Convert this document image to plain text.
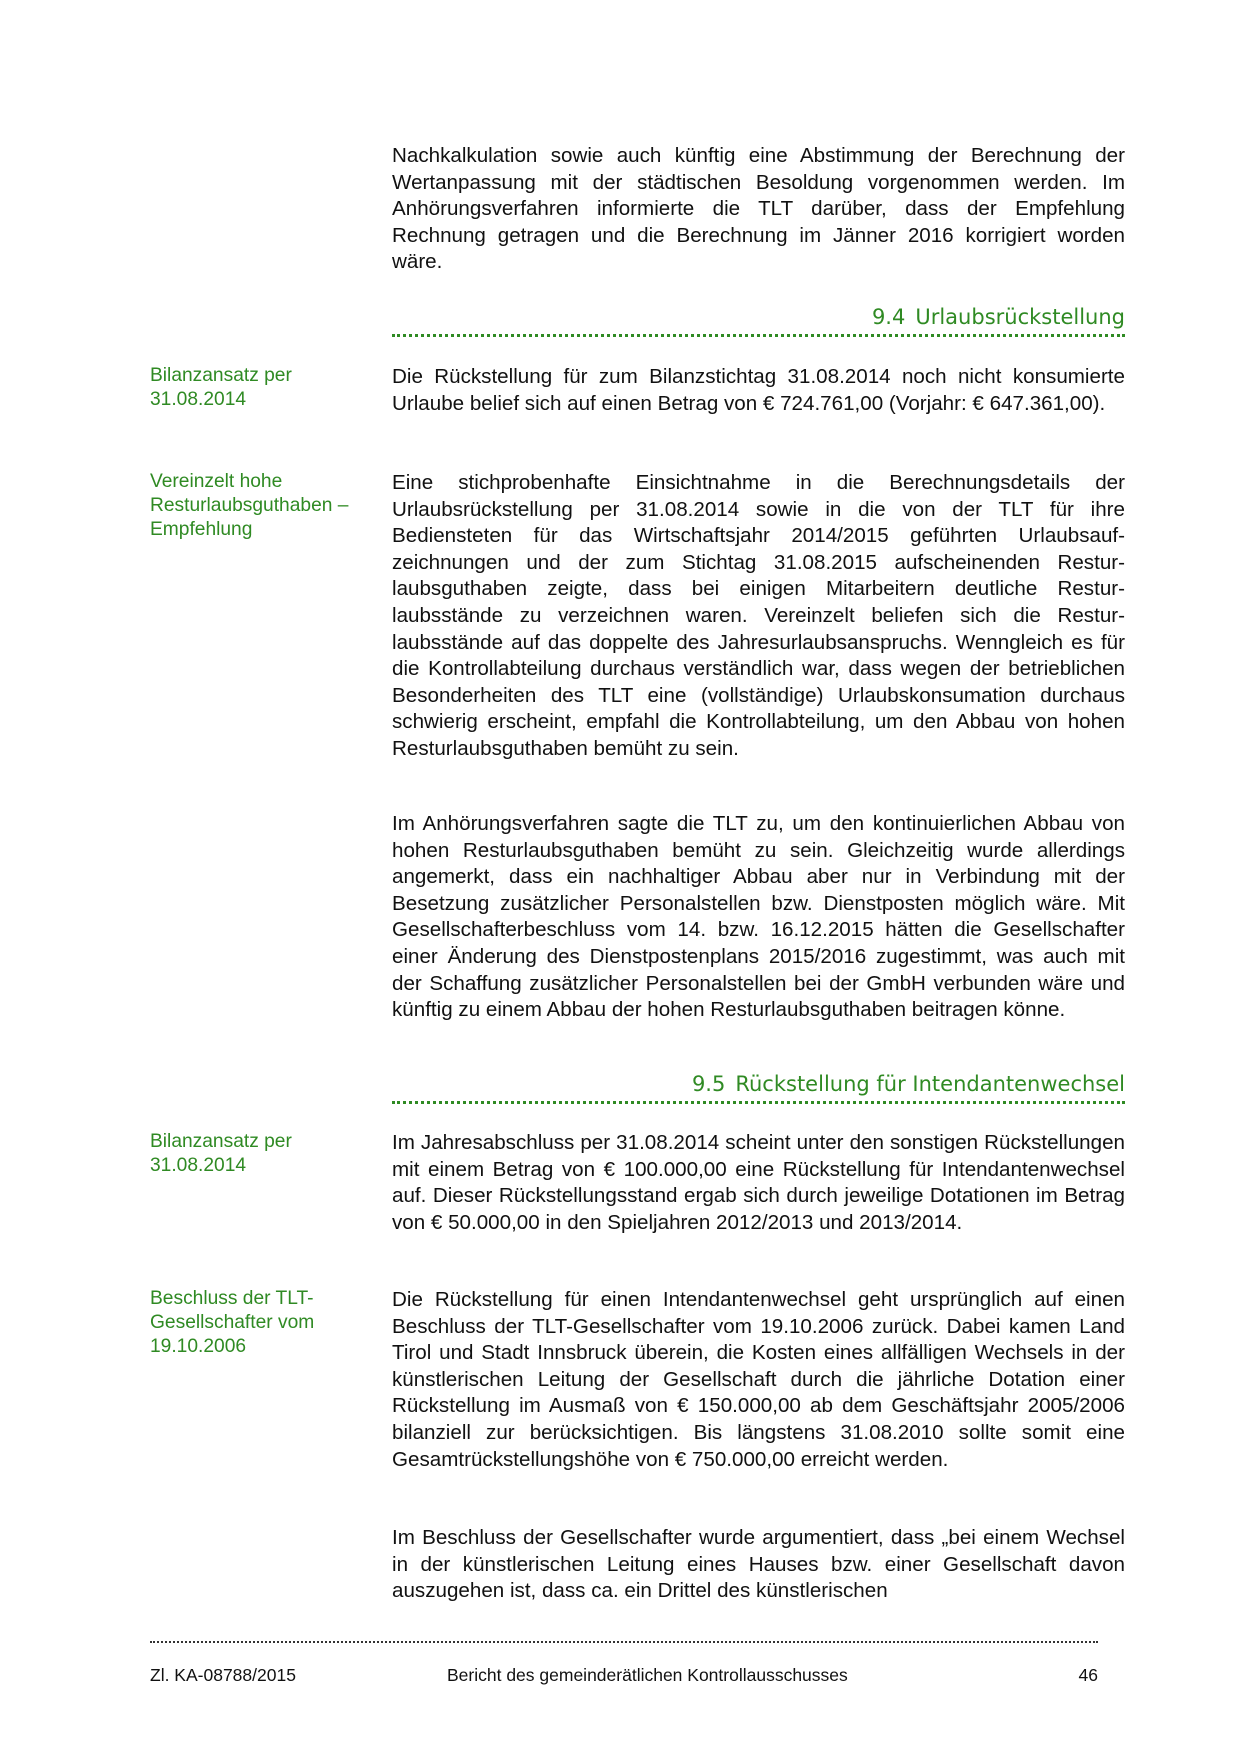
Nachkalkulation sowie auch künftig eine Abstimmung der Berechnung der Wertanpassung mit der städtischen Besoldung vorgenommen werden. Im Anhörungsverfahren informierte die TLT darüber, dass der Empfehlung Rechnung getragen und die Berechnung im Jänner 2016 korrigiert worden wäre.

9.4 Urlaubsrückstellung
Bilanzansatz per 31.08.2014

Die Rückstellung für zum Bilanzstichtag 31.08.2014 noch nicht konsumierte Urlaube belief sich auf einen Betrag von € 724.761,00 (Vorjahr: € 647.361,00).

Vereinzelt hohe Resturlaubsguthaben – Empfehlung

Eine stichprobenhafte Einsichtnahme in die Berechnungsdetails der Urlaubsrückstellung per 31.08.2014 sowie in die von der TLT für ihre Bediensteten für das Wirtschaftsjahr 2014/2015 geführten Urlaubsaufzeichnungen und der zum Stichtag 31.08.2015 aufscheinenden Resturlaubsguthaben zeigte, dass bei einigen Mitarbeitern deutliche Resturlaubsstände zu verzeichnen waren. Vereinzelt beliefen sich die Resturlaubsstände auf das doppelte des Jahresurlaubsanspruchs. Wenngleich es für die Kontrollabteilung durchaus verständlich war, dass wegen der betrieblichen Besonderheiten des TLT eine (vollständige) Urlaubskonsumation durchaus schwierig erscheint, empfahl die Kontrollabteilung, um den Abbau von hohen Resturlaubsguthaben bemüht zu sein.

Im Anhörungsverfahren sagte die TLT zu, um den kontinuierlichen Abbau von hohen Resturlaubsguthaben bemüht zu sein. Gleichzeitig wurde allerdings angemerkt, dass ein nachhaltiger Abbau aber nur in Verbindung mit der Besetzung zusätzlicher Personalstellen bzw. Dienstposten möglich wäre. Mit Gesellschafterbeschluss vom 14. bzw. 16.12.2015 hätten die Gesellschafter einer Änderung des Dienstpostenplans 2015/2016 zugestimmt, was auch mit der Schaffung zusätzlicher Personalstellen bei der GmbH verbunden wäre und künftig zu einem Abbau der hohen Resturlaubsguthaben beitragen könne.

9.5 Rückstellung für Intendantenwechsel
Bilanzansatz per 31.08.2014

Im Jahresabschluss per 31.08.2014 scheint unter den sonstigen Rückstellungen mit einem Betrag von € 100.000,00 eine Rückstellung für Intendantenwechsel auf. Dieser Rückstellungsstand ergab sich durch jeweilige Dotationen im Betrag von € 50.000,00 in den Spieljahren 2012/2013 und 2013/2014.

Beschluss der TLT-Gesellschafter vom 19.10.2006

Die Rückstellung für einen Intendantenwechsel geht ursprünglich auf einen Beschluss der TLT-Gesellschafter vom 19.10.2006 zurück. Dabei kamen Land Tirol und Stadt Innsbruck überein, die Kosten eines allfälligen Wechsels in der künstlerischen Leitung der Gesellschaft durch die jährliche Dotation einer Rückstellung im Ausmaß von € 150.000,00 ab dem Geschäftsjahr 2005/2006 bilanziell zur berücksichtigen. Bis längstens 31.08.2010 sollte somit eine Gesamtrückstellungshöhe von € 750.000,00 erreicht werden.

Im Beschluss der Gesellschafter wurde argumentiert, dass „bei einem Wechsel in der künstlerischen Leitung eines Hauses bzw. einer Gesellschaft davon auszugehen ist, dass ca. ein Drittel des künstlerischen

Zl. KA-08788/2015	Bericht des gemeinderätlichen Kontrollausschusses	46
